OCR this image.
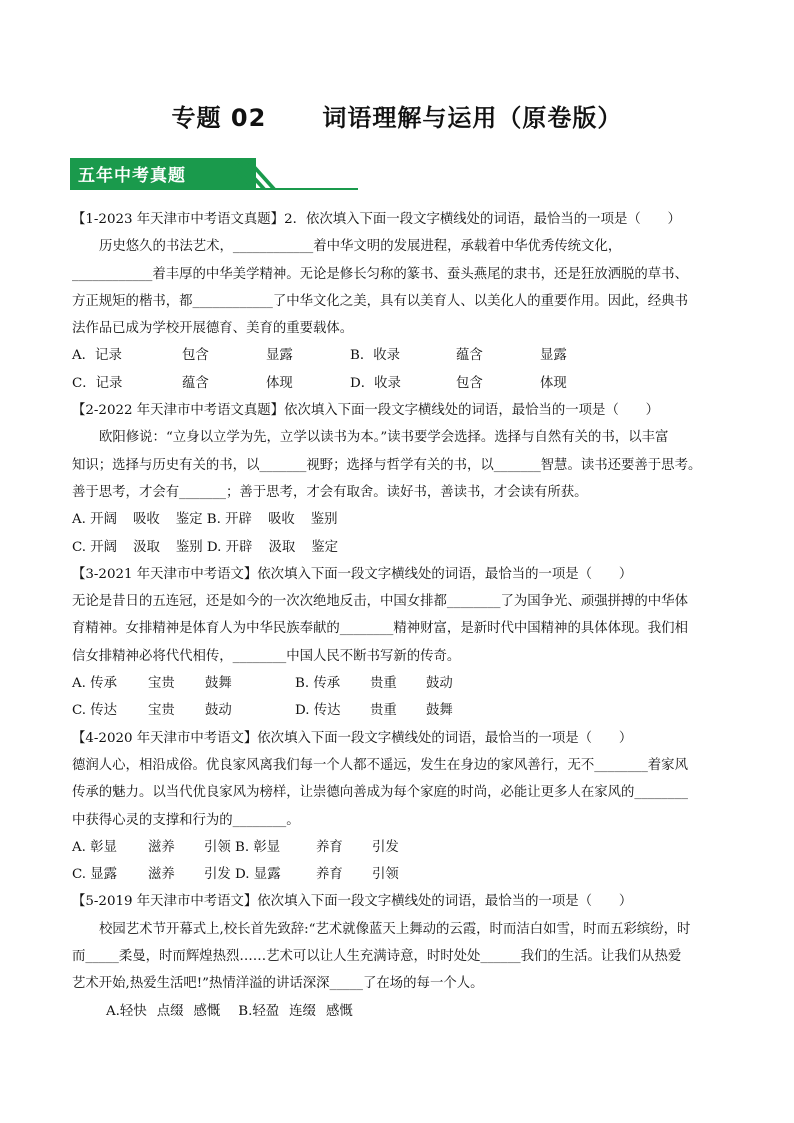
专题 02      词语理解与运用（原卷版）
五年中考真题
【1-2023 年天津市中考语文真题】2．依次填入下面一段文字横线处的词语，最恰当的一项是（　　）
历史悠久的书法艺术，____________着中华文明的发展进程，承载着中华优秀传统文化，
____________着丰厚的中华美学精神。无论是修长匀称的篆书、蚕头燕尾的隶书，还是狂放洒脱的草书、
方正规矩的楷书，都____________了中华文化之美，具有以美育人、以美化人的重要作用。因此，经典书
法作品已成为学校开展德育、美育的重要载体。
A．记录	包含	显露	B．收录	蕴含	显露
C．记录	蕴含	体现	D．收录	包含	体现
【2-2022 年天津市中考语文真题】依次填入下面一段文字横线处的词语，最恰当的一项是（　　）
欧阳修说：“立身以立学为先，立学以读书为本。”读书要学会选择。选择与自然有关的书，以丰富
知识；选择与历史有关的书，以_______视野；选择与哲学有关的书，以_______智慧。读书还要善于思考。
善于思考，才会有_______；善于思考，才会有取舍。读好书，善读书，才会读有所获。
A. 开阔 吸收 鉴定 B. 开辟 吸收 鉴别
C. 开阔 汲取 鉴别 D. 开辟 汲取 鉴定
【3-2021 年天津市中考语文】依次填入下面一段文字横线处的词语，最恰当的一项是（　　）
无论是昔日的五连冠，还是如今的一次次绝地反击，中国女排都________了为国争光、顽强拼搏的中华体
育精神。女排精神是体育人为中华民族奉献的________精神财富，是新时代中国精神的具体体现。我们相
信女排精神必将代代相传，________中国人民不断书写新的传奇。
A. 传承	宝贵	鼓舞	B. 传承	贵重	鼓动
C. 传达	宝贵	鼓动	D. 传达	贵重	鼓舞
【4-2020 年天津市中考语文】依次填入下面一段文字横线处的词语，最恰当的一项是（　　）
德润人心，相沿成俗。优良家风离我们每一个人都不遥远，发生在身边的家风善行，无不________着家风
传承的魅力。以当代优良家风为榜样，让崇德向善成为每个家庭的时尚，必能让更多人在家风的________
中获得心灵的支撑和行为的________。
A. 彰显	滋养	引领 B. 彰显	养育	引发
C. 显露	滋养	引发 D. 显露	养育	引领
【5-2019 年天津市中考语文】依次填入下面一段文字横线处的词语，最恰当的一项是（　　）
校园艺术节开幕式上,校长首先致辞:“艺术就像蓝天上舞动的云霞，时而洁白如雪，时而五彩缤纷，时
而_____柔曼，时而辉煌热烈……艺术可以让人生充满诗意，时时处处______我们的生活。让我们从热爱
艺术开始,热爱生活吧!”热情洋溢的讲话深深_____了在场的每一个人。
A.轻快 点缀 感慨 B.轻盈 连缀 感慨
